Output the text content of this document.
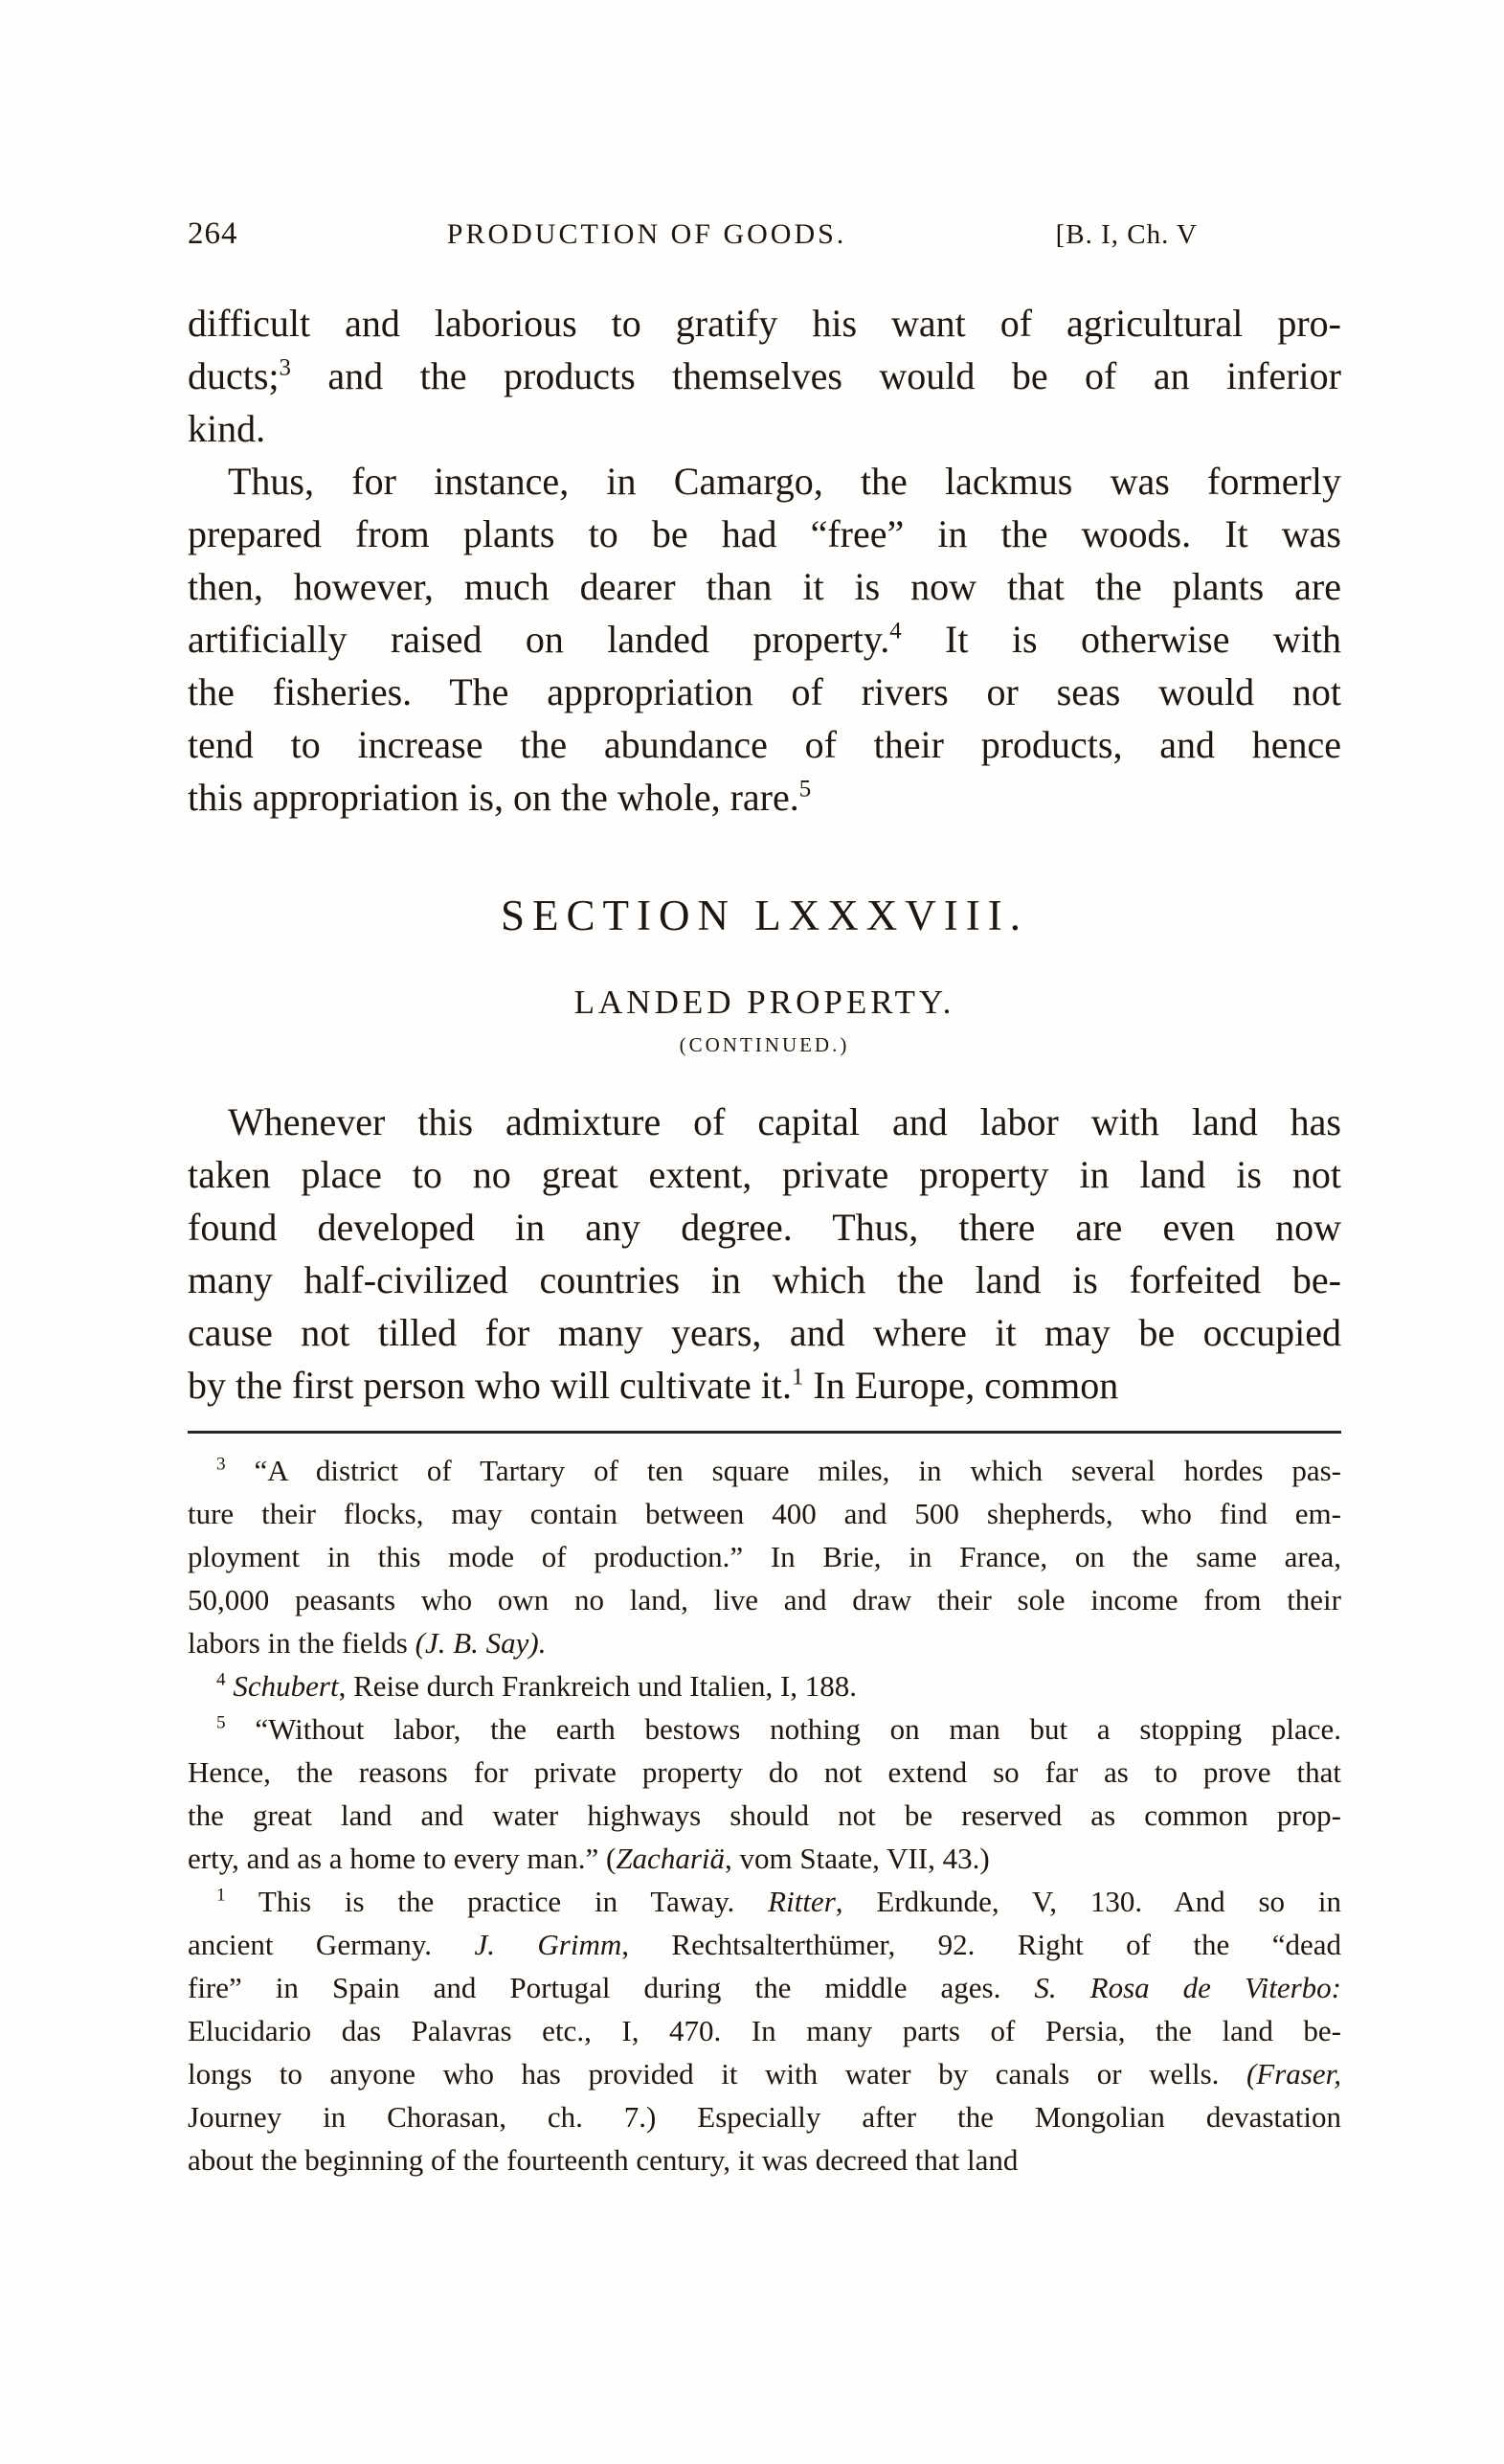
264	PRODUCTION OF GOODS.	[B. I, Ch. V
difficult and laborious to gratify his want of agricultural pro-
ducts;$^3$ and the products themselves would be of an inferior
kind.
Thus, for instance, in Camargo, the lackmus was formerly
prepared from plants to be had “free” in the woods. It was
then, however, much dearer than it is now that the plants are
artificially raised on landed property.$^4$ It is otherwise with
the fisheries. The appropriation of rivers or seas would not
tend to increase the abundance of their products, and hence
this appropriation is, on the whole, rare.$^5$
SECTION LXXXVIII.
LANDED PROPERTY.
(CONTINUED.)
Whenever this admixture of capital and labor with land has
taken place to no great extent, private property in land is not
found developed in any degree. Thus, there are even now
many half-civilized countries in which the land is forfeited be-
cause not tilled for many years, and where it may be occupied
by the first person who will cultivate it.$^1$ In Europe, common
$^3$ “A district of Tartary of ten square miles, in which several hordes pas-
ture their flocks, may contain between 400 and 500 shepherds, who find em-
ployment in this mode of production.” In Brie, in France, on the same area,
50,000 peasants who own no land, live and draw their sole income from their
labors in the fields (J. B. Say).
$^4$ Schubert, Reise durch Frankreich und Italien, I, 188.
$^5$ “Without labor, the earth bestows nothing on man but a stopping place.
Hence, the reasons for private property do not extend so far as to prove that
the great land and water highways should not be reserved as common prop-
erty, and as a home to every man.” (Zachariä, vom Staate, VII, 43.)
$^1$ This is the practice in Taway. Ritter, Erdkunde, V, 130. And so in
ancient Germany. J. Grimm, Rechtsalterthümer, 92. Right of the “dead
fire” in Spain and Portugal during the middle ages. S. Rosa de Viterbo:
Elucidario das Palavras etc., I, 470. In many parts of Persia, the land be-
longs to anyone who has provided it with water by canals or wells. (Fraser,
Journey in Chorasan, ch. 7.) Especially after the Mongolian devastation
about the beginning of the fourteenth century, it was decreed that land
